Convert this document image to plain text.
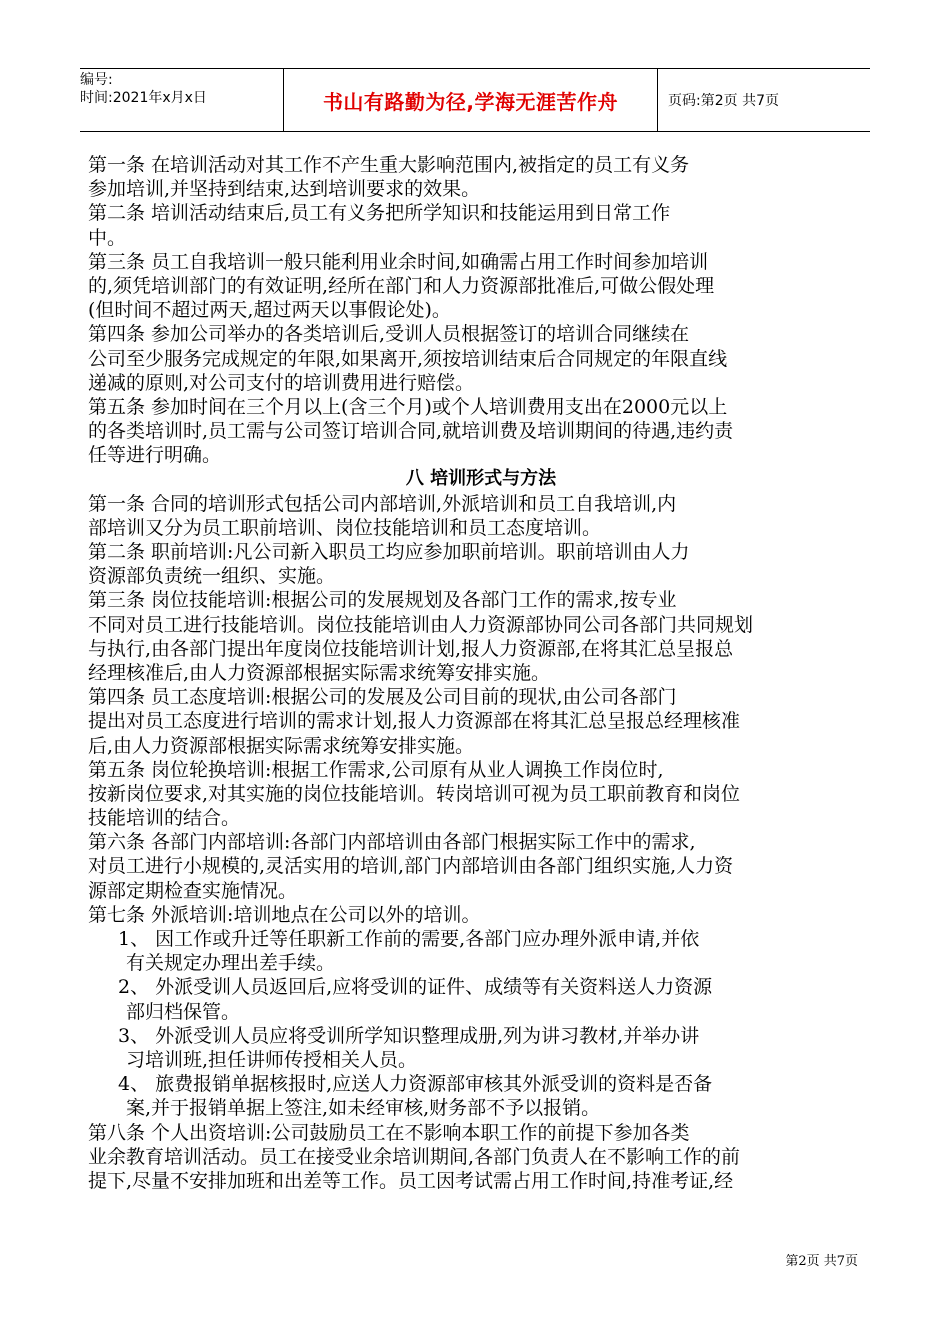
编号:
时间:2021年x月x日	书山有路勤为径,学海无涯苦作舟	页码:第2页 共7页
第一条 在培训活动对其工作不产生重大影响范围内,被指定的员工有义务
参加培训,并坚持到结束,达到培训要求的效果。
第二条 培训活动结束后,员工有义务把所学知识和技能运用到日常工作
中。
第三条 员工自我培训一般只能利用业余时间,如确需占用工作时间参加培训
的,须凭培训部门的有效证明,经所在部门和人力资源部批准后,可做公假处理
(但时间不超过两天,超过两天以事假论处)。
第四条 参加公司举办的各类培训后,受训人员根据签订的培训合同继续在
公司至少服务完成规定的年限,如果离开,须按培训结束后合同规定的年限直线
递减的原则,对公司支付的培训费用进行赔偿。
第五条 参加时间在三个月以上(含三个月)或个人培训费用支出在2000元以上
的各类培训时,员工需与公司签订培训合同,就培训费及培训期间的待遇,违约责
任等进行明确。
八 培训形式与方法
第一条 合同的培训形式包括公司内部培训,外派培训和员工自我培训,内
部培训又分为员工职前培训、岗位技能培训和员工态度培训。
第二条 职前培训:凡公司新入职员工均应参加职前培训。职前培训由人力
资源部负责统一组织、实施。
第三条 岗位技能培训:根据公司的发展规划及各部门工作的需求,按专业
不同对员工进行技能培训。岗位技能培训由人力资源部协同公司各部门共同规划
与执行,由各部门提出年度岗位技能培训计划,报人力资源部,在将其汇总呈报总
经理核准后,由人力资源部根据实际需求统筹安排实施。
第四条 员工态度培训:根据公司的发展及公司目前的现状,由公司各部门
提出对员工态度进行培训的需求计划,报人力资源部在将其汇总呈报总经理核准
后,由人力资源部根据实际需求统筹安排实施。
第五条 岗位轮换培训:根据工作需求,公司原有从业人调换工作岗位时,
按新岗位要求,对其实施的岗位技能培训。转岗培训可视为员工职前教育和岗位
技能培训的结合。
第六条 各部门内部培训:各部门内部培训由各部门根据实际工作中的需求,
对员工进行小规模的,灵活实用的培训,部门内部培训由各部门组织实施,人力资
源部定期检查实施情况。
第七条 外派培训:培训地点在公司以外的培训。
1、 因工作或升迁等任职新工作前的需要,各部门应办理外派申请,并依
有关规定办理出差手续。
2、 外派受训人员返回后,应将受训的证件、成绩等有关资料送人力资源
部归档保管。
3、 外派受训人员应将受训所学知识整理成册,列为讲习教材,并举办讲
习培训班,担任讲师传授相关人员。
4、 旅费报销单据核报时,应送人力资源部审核其外派受训的资料是否备
案,并于报销单据上签注,如未经审核,财务部不予以报销。
第八条 个人出资培训:公司鼓励员工在不影响本职工作的前提下参加各类
业余教育培训活动。员工在接受业余培训期间,各部门负责人在不影响工作的前
提下,尽量不安排加班和出差等工作。员工因考试需占用工作时间,持准考证,经
第2页 共7页
